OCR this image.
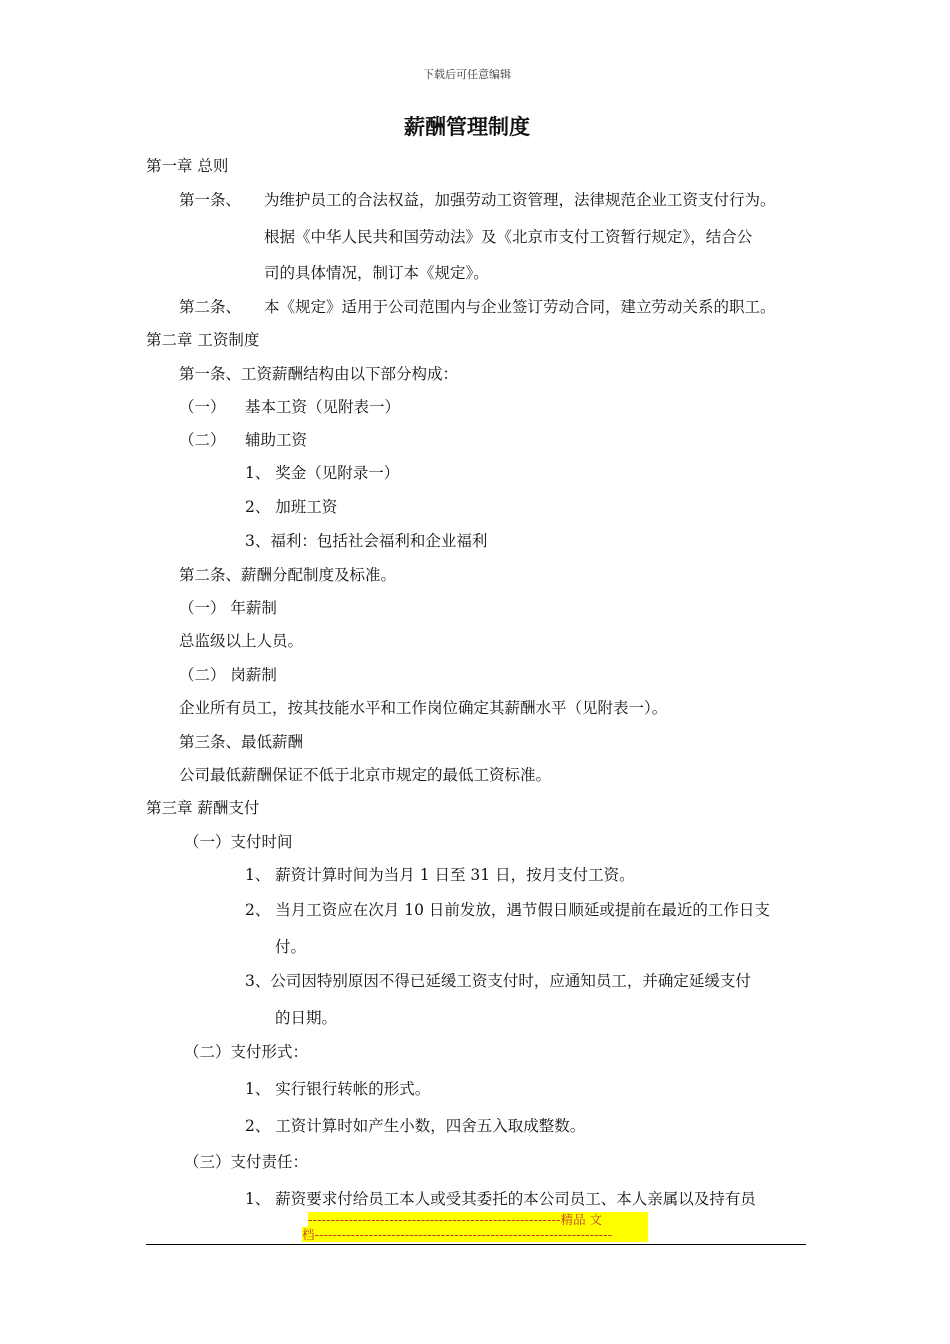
下载后可任意编辑
薪酬管理制度
第一章 总则
第一条、 为维护员工的合法权益，加强劳动工资管理，法律规范企业工资支付行为。
根据《中华人民共和国劳动法》及《北京市支付工资暂行规定》，结合公
司的具体情况，制订本《规定》。
第二条、 本《规定》适用于公司范围内与企业签订劳动合同，建立劳动关系的职工。
第二章 工资制度
第一条、工资薪酬结构由以下部分构成：
（一） 基本工资（见附表一）
（二） 辅助工资
1、 奖金（见附录一）
2、 加班工资
3、福利：包括社会福利和企业福利
第二条、薪酬分配制度及标准。
（一） 年薪制
总监级以上人员。
（二） 岗薪制
企业所有员工，按其技能水平和工作岗位确定其薪酬水平（见附表一）。
第三条、最低薪酬
公司最低薪酬保证不低于北京市规定的最低工资标准。
第三章 薪酬支付
（一）支付时间
1、 薪资计算时间为当月 1 日至 31 日，按月支付工资。
2、 当月工资应在次月 10 日前发放，遇节假日顺延或提前在最近的工作日支
付。
3、公司因特别原因不得已延缓工资支付时，应通知员工，并确定延缓支付
的日期。
（二）支付形式：
1、 实行银行转帐的形式。
2、 工资计算时如产生小数，四舍五入取成整数。
（三）支付责任：
1、 薪资要求付给员工本人或受其委托的本公司员工、本人亲属以及持有员
--------------------------------------------------------精品 文
档------------------------------------------------------------------
